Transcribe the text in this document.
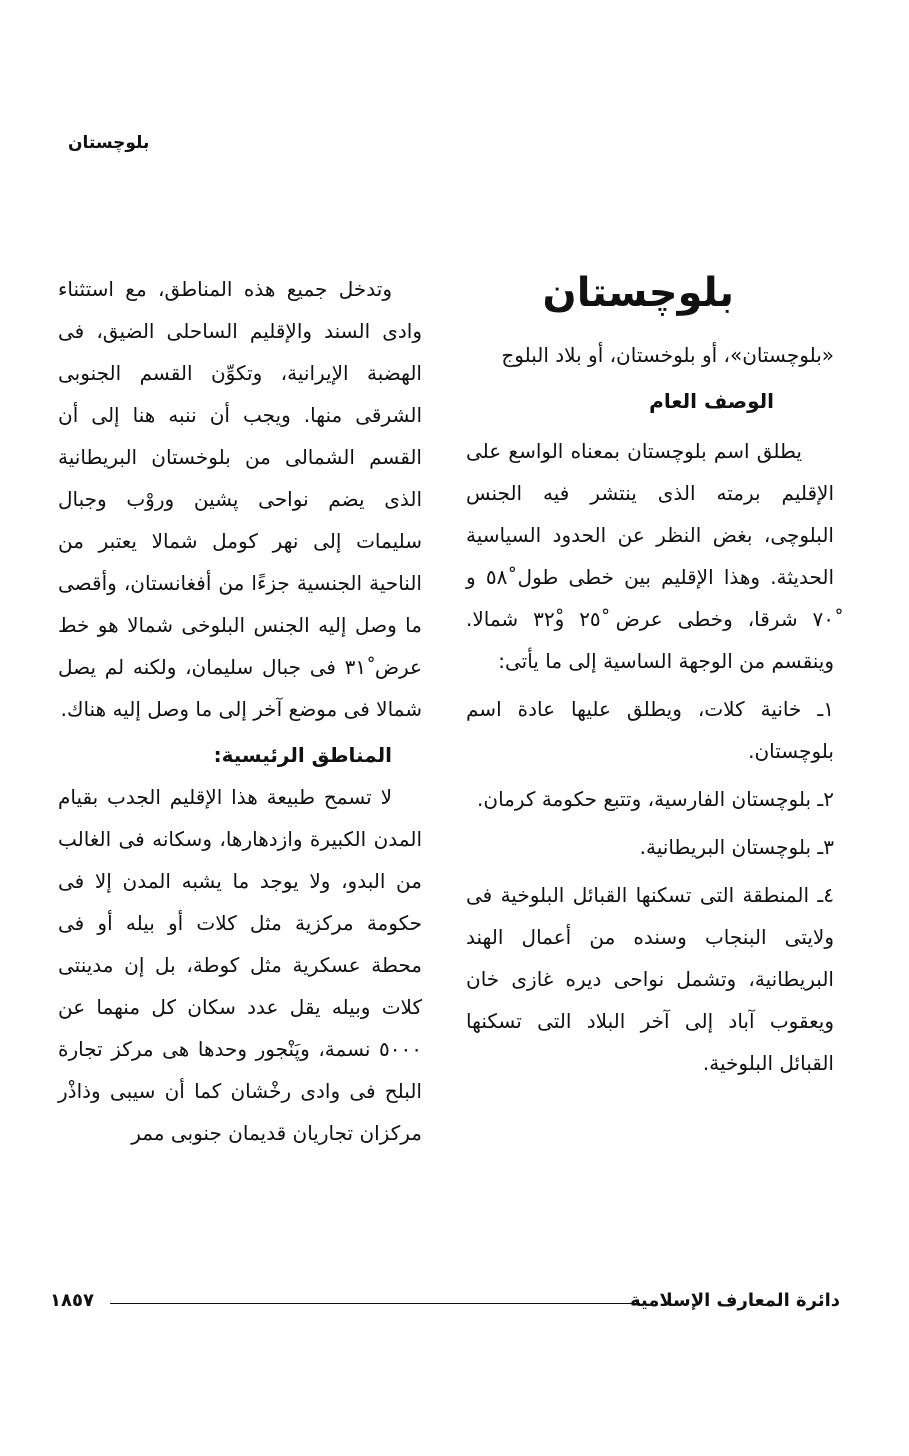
بلوچستان

بلوچستان

«بلوچستان»، أو بلوخستان، أو بلاد البلوج

الوصف العام

يطلق اسم بلوچستان بمعناه الواسع على الإقليم برمته الذى ينتشر فيه الجنس البلوچى، بغض النظر عن الحدود السياسية الحديثة. وهذا الإقليم بين خطى طول ٥٨ْ و ٧٠ْ شرقا، وخطى عرض ٢٥ْ و٣٢ْ شمالا. وينقسم من الوجهة الساسية إلى ما يأتى:

١ـ خانية كلات، ويطلق عليها عادة اسم بلوچستان.

٢ـ بلوچستان الفارسية، وتتبع حكومة كرمان.

٣ـ بلوچستان البريطانية.

٤ـ المنطقة التى تسكنها القبائل البلوخية فى ولايتى البنجاب وسنده من أعمال الهند البريطانية، وتشمل نواحى ديره غازى خان ويعقوب آباد إلى آخر البلاد التى تسكنها القبائل البلوخية.

وتدخل جميع هذه المناطق، مع استثناء وادى السند والإقليم الساحلى الضيق، فى الهضبة الإيرانية، وتكوِّن القسم الجنوبى الشرقى منها. ويجب أن ننبه هنا إلى أن القسم الشمالى من بلوخستان البريطانية الذى يضم نواحى پشين وروْب وجبال سليمات إلى نهر كومل شمالا يعتبر من الناحية الجنسية جزءًا من أفغانستان، وأقصى ما وصل إليه الجنس البلوخى شمالا هو خط عرض ٣١ْ فى جبال سليمان، ولكنه لم يصل شمالا فى موضع آخر إلى ما وصل إليه هناك.

المناطق الرئيسية:

لا تسمح طبيعة هذا الإقليم الجدب بقيام المدن الكبيرة وازدهارها، وسكانه فى الغالب من البدو، ولا يوجد ما يشبه المدن إلا فى حكومة مركزية مثل كلات أو بيله أو فى محطة عسكرية مثل كوطة، بل إن مدينتى كلات وبيله يقل عدد سكان كل منهما عن ٥٠٠٠ نسمة، وپَنْجور وحدها هى مركز تجارة البلح فى وادى رخْشان كما أن سيبى وذاذْر مركزان تجاريان قديمان جنوبى ممر

دائرة المعارف الإسلامية
١٨٥٧
